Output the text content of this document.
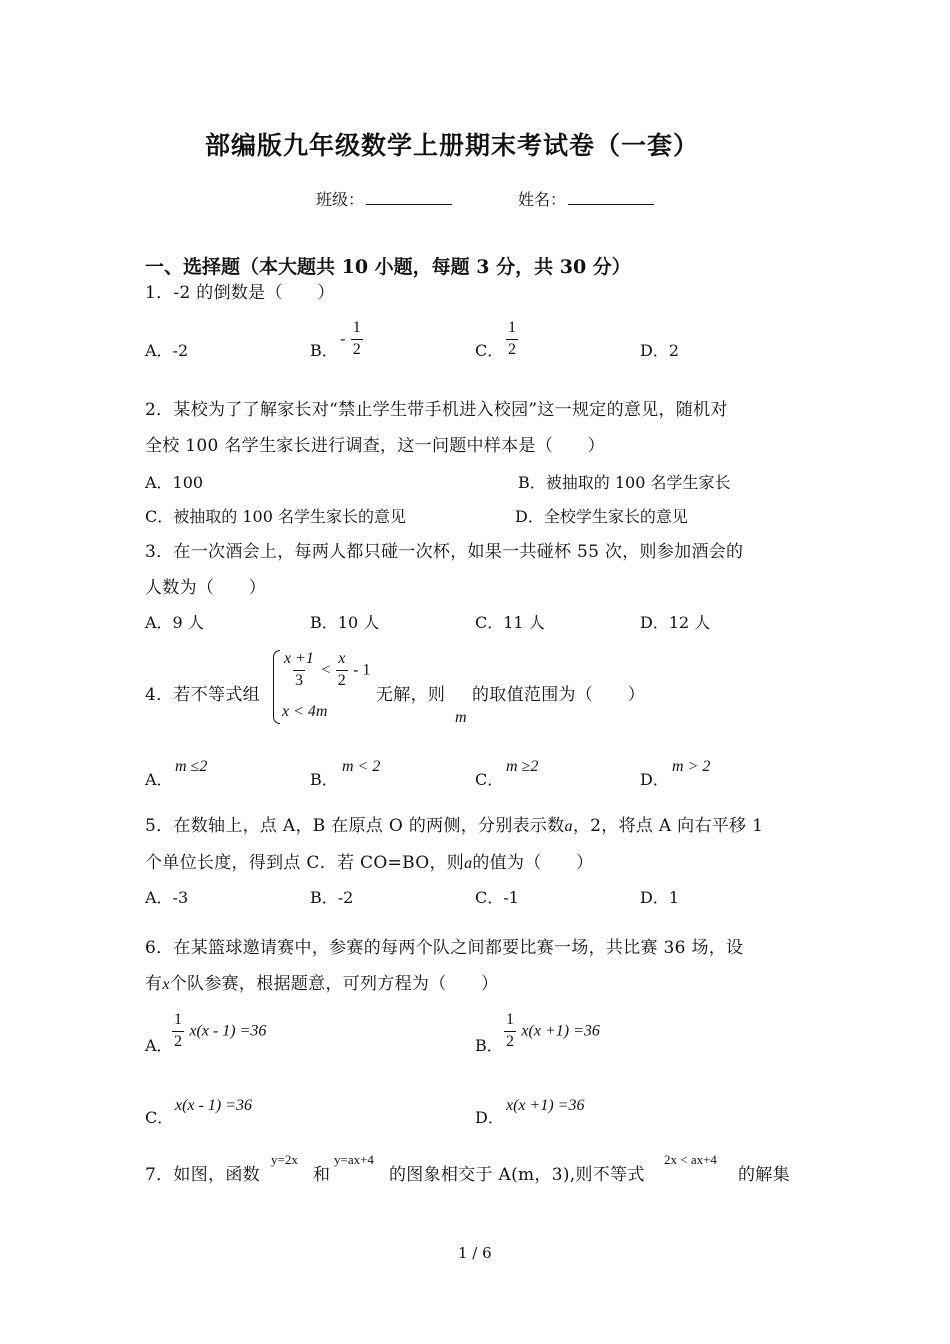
部编版九年级数学上册期末考试卷（一套）
班级：	姓名：
一、选择题（本大题共 10 小题，每题 3 分，共 30 分）
1．-2 的倒数是（　　）
A．-2	B．
- $\frac{1}{2}$	C． $\frac{1}{2}$	D．2
2．某校为了了解家长对“禁止学生带手机进入校园”这一规定的意见，随机对
全校 100 名学生家长进行调查，这一问题中样本是（　　）
A．100	B．被抽取的 100 名学生家长
C．被抽取的 100 名学生家长的意见	D．全校学生家长的意见
3．在一次酒会上，每两人都只碰一次杯，如果一共碰杯 55 次，则参加酒会的
人数为（　　）
A．9 人	B．10 人	C．11 人	D．12 人
4．若不等式组
$\frac{x +1}{3} < \frac{x}{2} - 1$
x < 4m
无解，则
m
的取值范围为（　　）
A．
m ≤2
B．
m < 2
C．
m ≥2
D．
m > 2
5．在数轴上，点 A，B 在原点 O 的两侧，分别表示数a，2，将点 A 向右平移 1
个单位长度，得到点 C．若 CO=BO，则a的值为（　　）
A．-3	B．-2	C．-1	D．1
6．在某篮球邀请赛中，参赛的每两个队之间都要比赛一场，共比赛 36 场，设
有x个队参赛，根据题意，可列方程为（　　）
A． $\frac{1}{2} x(x - 1) =36$
B． $\frac{1}{2} x(x +1) =36$
C．
x(x - 1) =36
D．
x(x +1) =36
7．如图，函数
y=2x
和
y=ax+4
的图象相交于 A(m，3),则不等式
2x < ax+4
的解集
1 / 6
